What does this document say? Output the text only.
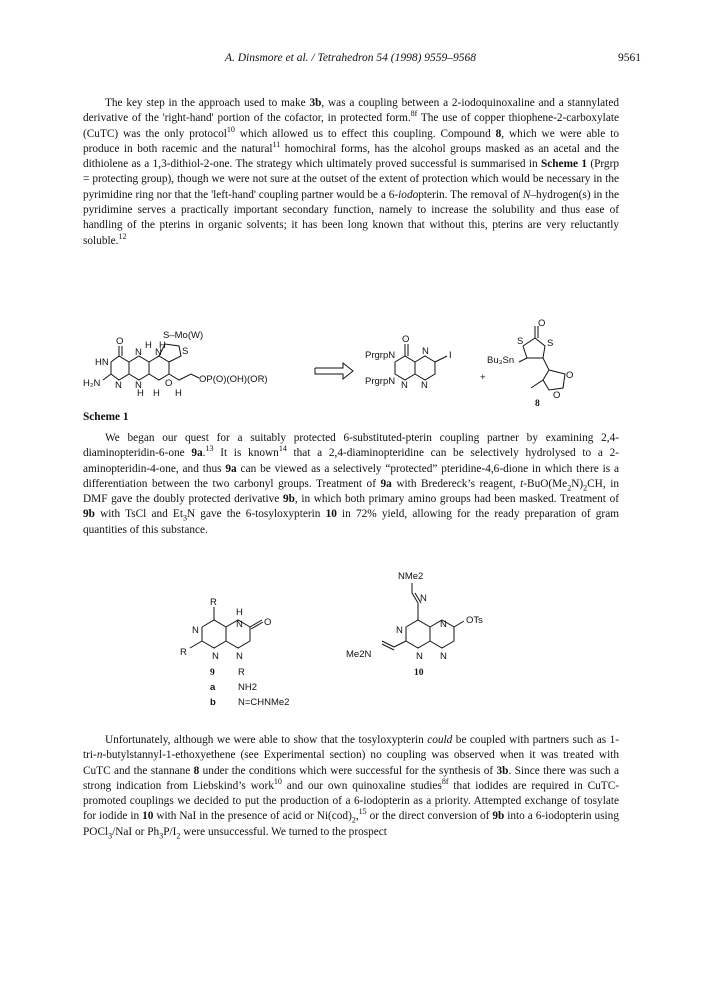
A. Dinsmore et al. / Tetrahedron 54 (1998) 9559–9568	9561

The key step in the approach used to make 3b, was a coupling between a 2-iodoquinoxaline and a stannylated derivative of the 'right-hand' portion of the cofactor, in protected form.$^{8f}$ The use of copper thiophene-2-carboxylate (CuTC) was the only protocol$^{10}$ which allowed us to effect this coupling. Compound 8, which we were able to produce in both racemic and the natural$^{11}$ homochiral forms, has the alcohol groups masked as an acetal and the dithiolene as a 1,3-dithiol-2-one. The strategy which ultimately proved successful is summarised in Scheme 1 (Prgrp = protecting group), though we were not sure at the outset of the extent of protection which would be necessary in the pyrimidine ring nor that the 'left-hand' coupling partner would be a 6-iodopterin. The removal of N–hydrogen(s) in the pyridimine serves a practically important secondary function, namely to increase the solubility and thus ease of handling of the pterins in organic solvents; it has been long known that without this, pterins are very reluctantly soluble.$^{12}$

S–Mo(W)
S
O
HN
H₂N
N
N N
N
H H
H H H
O	OP(O)(OH)(OR)
O
PrgrpN
PrgrpN
N
N N
I
+
O
S S
Bu₃Sn
O
O
8
Scheme 1

We began our quest for a suitably protected 6-substituted-pterin coupling partner by examining 2,4-diaminopteridin-6-one 9a.$^{13}$ It is known$^{14}$ that a 2,4-diaminopteridine can be selectively hydrolysed to a 2-aminopteridin-4-one, and thus 9a can be viewed as a selectively “protected” pteridine-4,6-dione in which there is a differentiation between the two carbonyl groups. Treatment of 9a with Bredereck’s reagent, $t-BuO(Me_2N)_2CH$, in DMF gave the doubly protected derivative 9b, in which both primary amino groups had been masked. Treatment of 9b with TsCl and $Et_3N$ gave the 6-tosyloxypterin 10 in 72% yield, allowing for the ready preparation of gram quantities of this substance.

R
R
H
N
N
N N
O
9 R
a NH2
b N=CHNMe2
NMe2
N
N OTs
Me2N
N
N N
10

Unfortunately, although we were able to show that the tosyloxypterin could be coupled with partners such as 1-tri-n-butylstannyl-1-ethoxyethene (see Experimental section) no coupling was observed when it was treated with CuTC and the stannane 8 under the conditions which were successful for the synthesis of 3b. Since there was such a strong indication from Liebskind’s work$^{10}$ and our own quinoxaline studies$^{8f}$ that iodides are required in CuTC-promoted couplings we decided to put the production of a 6-iodopterin as a priority. Attempted exchange of tosylate for iodide in 10 with NaI in the presence of acid or $Ni(cod)_2,^{15}$ or the direct conversion of 9b into a 6-iodopterin using POCl$_3$/NaI or $Ph_3P/I_2$ were unsuccessful. We turned to the prospect
